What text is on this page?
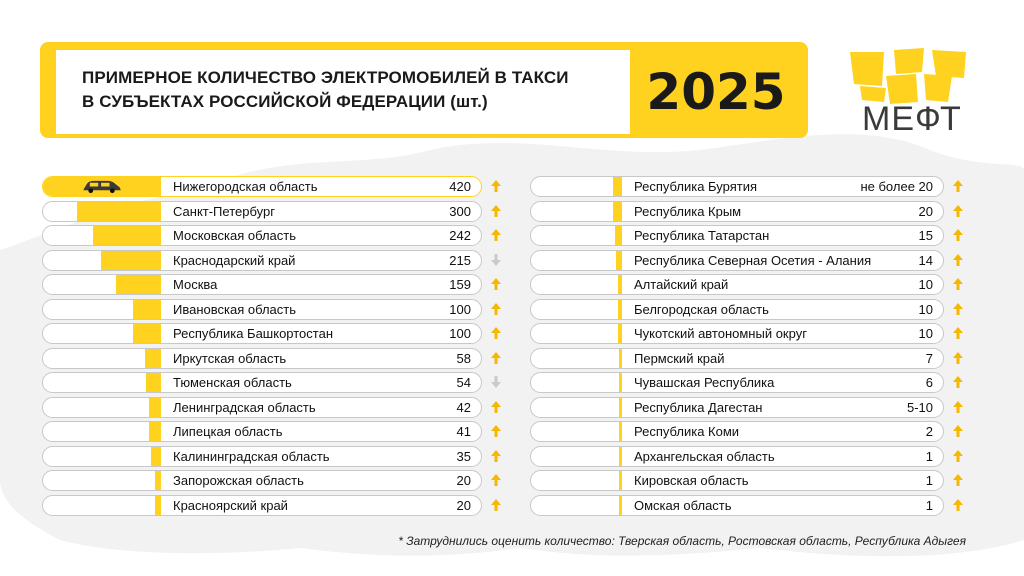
ПРИМЕРНОЕ КОЛИЧЕСТВО ЭЛЕКТРОМОБИЛЕЙ В ТАКСИ
В СУБЪЕКТАХ РОССИЙСКОЙ ФЕДЕРАЦИИ (шт.)	2025	МЕФТ
Нижегородская область	420
Санкт-Петербург	300
Московская область	242
Краснодарский край	215
Москва	159
Ивановская область	100
Республика Башкортостан	100
Иркутская область	58
Тюменская область	54
Ленинградская область	42
Липецкая область	41
Калининградская область	35
Запорожская область	20
Красноярский край	20
Республика Бурятия	не более 20
Республика Крым	20
Республика Татарстан	15
Республика Северная Осетия - Алания	14
Алтайский край	10
Белгородская область	10
Чукотский автономный округ	10
Пермский край	7
Чувашская Республика	6
Республика Дагестан	5-10
Республика Коми	2
Архангельская область	1
Кировская область	1
Омская область	1
* Затруднились оценить количество: Тверская область, Ростовская область, Республика Адыгея
